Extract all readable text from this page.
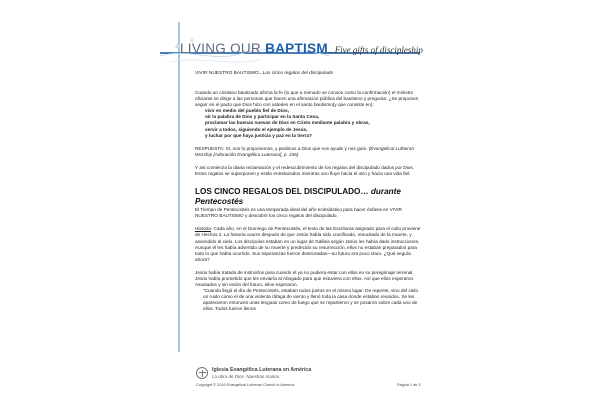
LIVING OUR BAPTISM...Five gifts of discipleship
VIVIR NUESTRO BAUTISMO...Los cinco regalos del discipulado

Cuando un cristiano bautizado afirma la fe (lo que a menudo se conoce como la confirmación) el ministro oficiante se dirige a las personas que hacen una afirmación pública del bautismo y pregunta: ¿Se proponen seguir en el pacto que Dios hizo con ustedes en el santo bautismo{y que consiste en}:

vivir en medio del pueblo fiel de Dios,

oír la palabra de Dios y participar en la Santa Cena,

proclamar las buenas nuevas de Dios en Cristo mediante palabra y obras,

servir a todos, siguiendo el ejemplo de Jesús,

y luchar por que haya justicia y paz en la tierra?

RESPUESTA: Sí, nos lo proponemos, y pedimos a Dios que nos ayude y nos guíe. (Evangelical Lutheran Worship [Adoración Evangélica Luterana], p. 236)

Y así comienza la diaria reclamación y el redescubrimiento de los regalos del discipulado dados por Dios. Estos regalos se superponen y están entrelazados mientras uno fluye hacia el otro y hacia una vida fiel.

LOS CINCO REGALOS DEL DISCIPULADO… durante Pentecostés

El Tiempo de Pentecostés es una temporada ideal del año eclesiástico para hacer énfasis en VIVIR NUESTRO BAUTISMO y descubrir los cinco regalos del discipulado.

Historia: Cada año, en el Domingo de Pentecostés, el texto de las Escrituras asignado para el culto proviene de Hechos 2. La historia ocurre después de que Jesús había sido crucificado, resucitado de la muerte, y ascendido al cielo. Los discípulos estaban en un lugar de Galilea según Jesús les había dado instrucciones. Aunque él les había advertido de su muerte y predecido su resurrección, ellos no estaban preparados para todo lo que había ocurrido. Sus esperanzas fueron destrozadas—su futuro era poco claro. ¿Qué seguía ahora?

Jesús había tratado de instruirlos para cuando él ya no pudiera estar con ellos en su peregrinaje terrenal. Jesús había prometido que les enviaría al Abogado para que estuviera con ellos. Así que ellos esperaron. Asustados y sin visión del futuro, ellos esperaron.

"Cuando llegó el día de Pentecostés, estaban todos juntos en el mismo lugar. De repente, vino del cielo un ruido como el de una violenta ráfaga de viento y llenó toda la casa donde estaban reunidos. Se les aparecieron entonces unas lenguas como de fuego que se repartieron y se posaron sobre cada uno de ellos. Todos fueron llenos

Iglesia Evangélica Luterana en América
La obra de Dios. Nuestras manos.
Copyright © 2016 Evangelical Lutheran Church in America	Página 1 de 3
